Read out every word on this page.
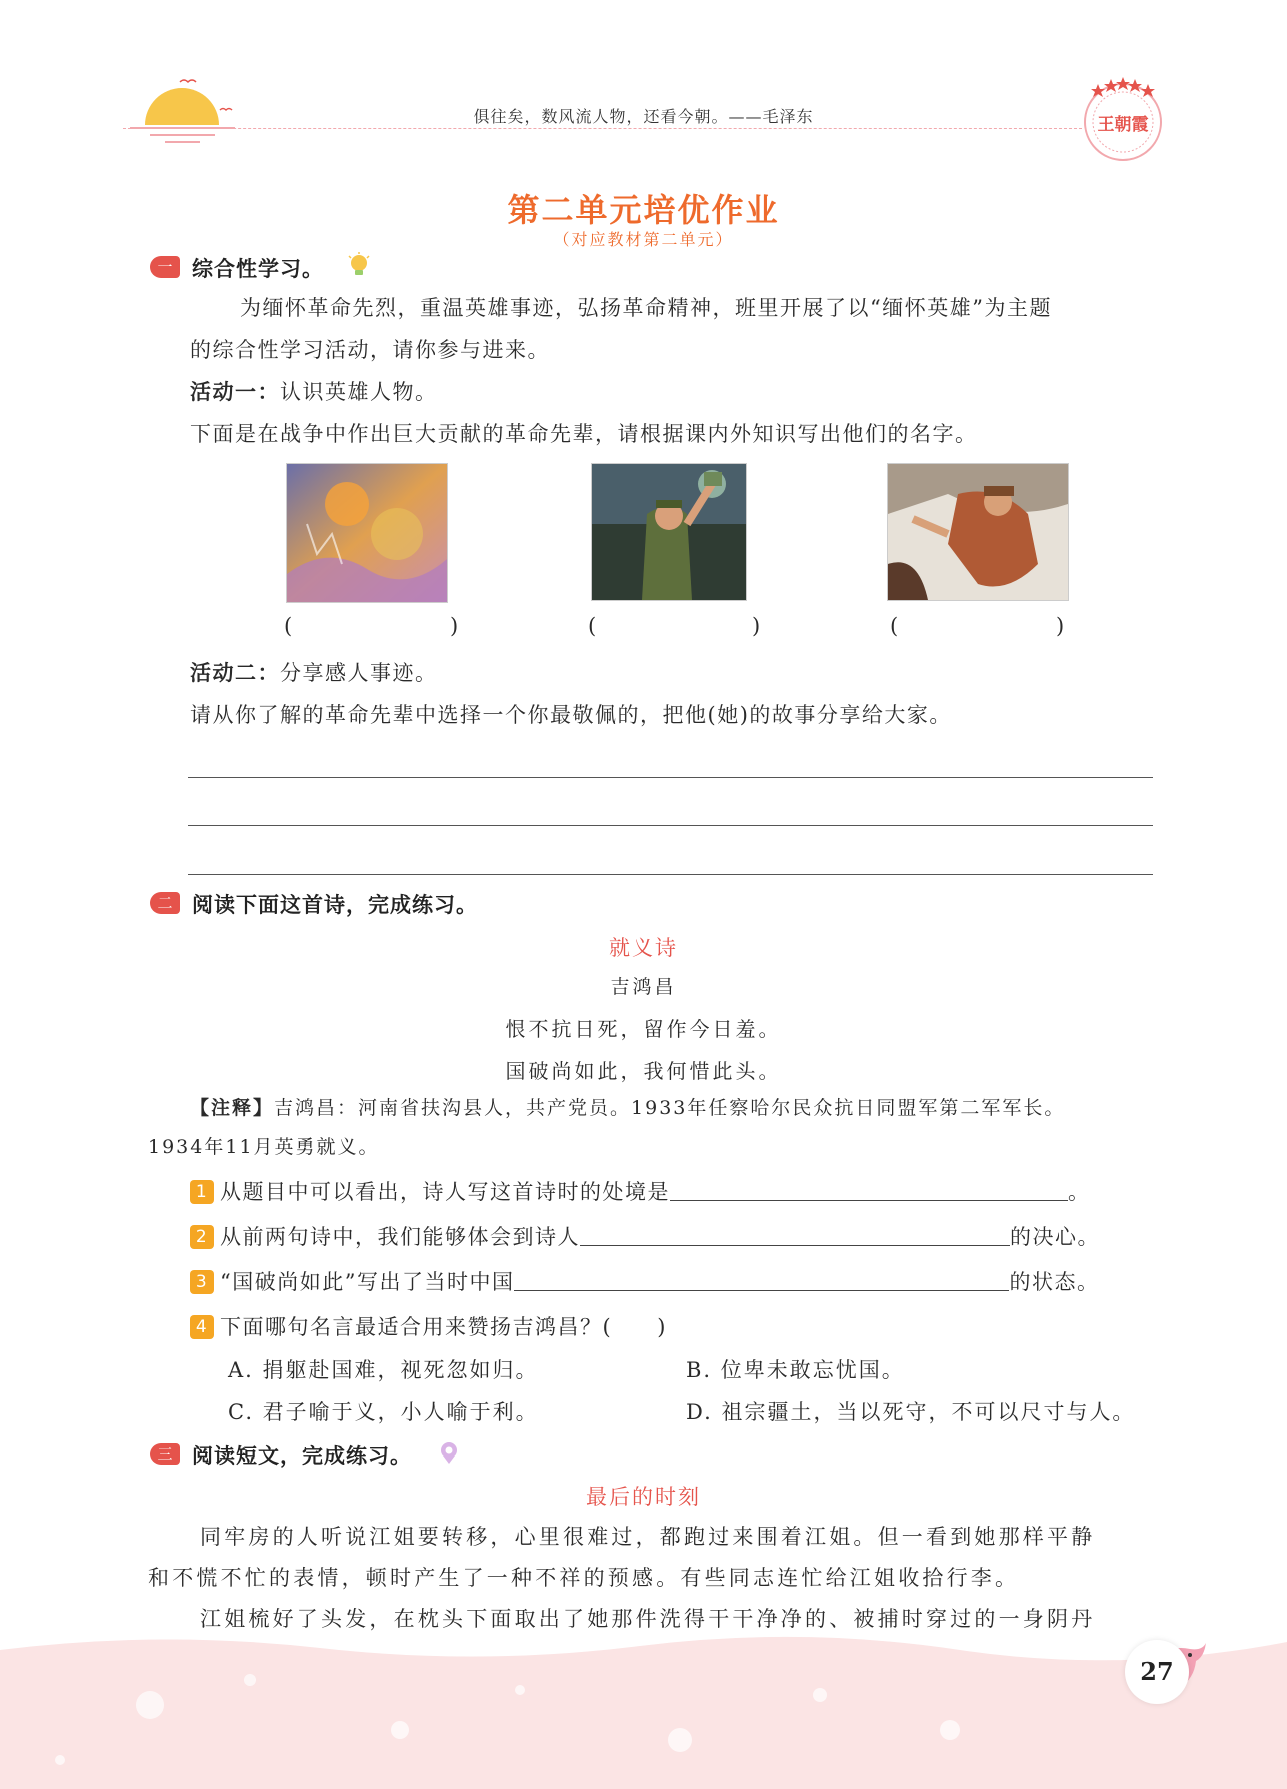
俱往矣，数风流人物，还看今朝。——毛泽东	王朝霞
第二单元培优作业
（对应教材第二单元）
一 综合性学习。
为缅怀革命先烈，重温英雄事迹，弘扬革命精神，班里开展了以“缅怀英雄”为主题
的综合性学习活动，请你参与进来。
活动一：认识英雄人物。
下面是在战争中作出巨大贡献的革命先辈，请根据课内外知识写出他们的名字。
(	)	(	)	(	)
活动二：分享感人事迹。
请从你了解的革命先辈中选择一个你最敬佩的，把他(她)的故事分享给大家。
二 阅读下面这首诗，完成练习。
就义诗
吉鸿昌
恨不抗日死，留作今日羞。
国破尚如此，我何惜此头。
【注释】吉鸿昌：河南省扶沟县人，共产党员。1933年任察哈尔民众抗日同盟军第二军军长。
1934年11月英勇就义。
1 从题目中可以看出，诗人写这首诗时的处境是	。
2 从前两句诗中，我们能够体会到诗人	的决心。
3 “国破尚如此”写出了当时中国	的状态。
4 下面哪句名言最适合用来赞扬吉鸿昌？(　　)
A. 捐躯赴国难，视死忽如归。	B. 位卑未敢忘忧国。
C. 君子喻于义，小人喻于利。	D. 祖宗疆土，当以死守，不可以尺寸与人。
三 阅读短文，完成练习。
最后的时刻
同牢房的人听说江姐要转移，心里很难过，都跑过来围着江姐。但一看到她那样平静
和不慌不忙的表情，顿时产生了一种不祥的预感。有些同志连忙给江姐收拾行李。
江姐梳好了头发，在枕头下面取出了她那件洗得干干净净的、被捕时穿过的一身阴丹
27
